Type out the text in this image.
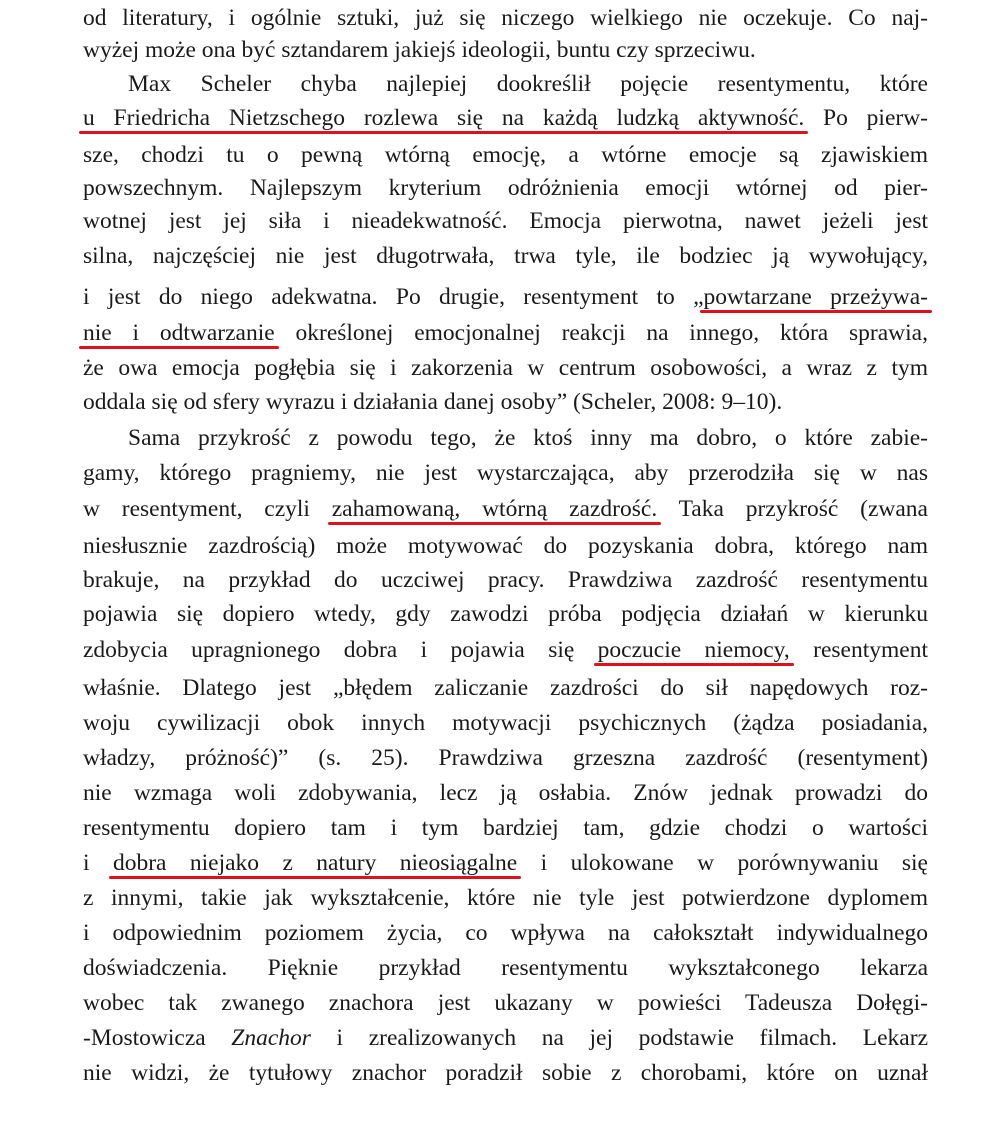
od literatury, i ogólnie sztuki, już się niczego wielkiego nie oczekuje. Co naj-
wyżej może ona być sztandarem jakiejś ideologii, buntu czy sprzeciwu.
Max Scheler chyba najlepiej dookreślił pojęcie resentymentu, które
u Friedricha Nietzschego rozlewa się na każdą ludzką aktywność. Po pierw-
sze, chodzi tu o pewną wtórną emocję, a wtórne emocje są zjawiskiem
powszechnym. Najlepszym kryterium odróżnienia emocji wtórnej od pier-
wotnej jest jej siła i nieadekwatność. Emocja pierwotna, nawet jeżeli jest
silna, najczęściej nie jest długotrwała, trwa tyle, ile bodziec ją wywołujący,
i jest do niego adekwatna. Po drugie, resentyment to „powtarzane przeżywa-
nie i odtwarzanie określonej emocjonalnej reakcji na innego, która sprawia,
że owa emocja pogłębia się i zakorzenia w centrum osobowości, a wraz z tym
oddala się od sfery wyrazu i działania danej osoby” (Scheler, 2008: 9–10).
Sama przykrość z powodu tego, że ktoś inny ma dobro, o które zabie-
gamy, którego pragniemy, nie jest wystarczająca, aby przerodziła się w nas
w resentyment, czyli zahamowaną, wtórną zazdrość. Taka przykrość (zwana
niesłusznie zazdrością) może motywować do pozyskania dobra, którego nam
brakuje, na przykład do uczciwej pracy. Prawdziwa zazdrość resentymentu
pojawia się dopiero wtedy, gdy zawodzi próba podjęcia działań w kierunku
zdobycia upragnionego dobra i pojawia się poczucie niemocy, resentyment
właśnie. Dlatego jest „błędem zaliczanie zazdrości do sił napędowych roz-
woju cywilizacji obok innych motywacji psychicznych (żądza posiadania,
władzy, próżność)” (s. 25). Prawdziwa grzeszna zazdrość (resentyment)
nie wzmaga woli zdobywania, lecz ją osłabia. Znów jednak prowadzi do
resentymentu dopiero tam i tym bardziej tam, gdzie chodzi o wartości
i dobra niejako z natury nieosiągalne i ulokowane w porównywaniu się
z innymi, takie jak wykształcenie, które nie tyle jest potwierdzone dyplomem
i odpowiednim poziomem życia, co wpływa na całokształt indywidualnego
doświadczenia. Pięknie przykład resentymentu wykształconego lekarza
wobec tak zwanego znachora jest ukazany w powieści Tadeusza Dołęgi-
-Mostowicza Znachor i zrealizowanych na jej podstawie filmach. Lekarz
nie widzi, że tytułowy znachor poradził sobie z chorobami, które on uznał
